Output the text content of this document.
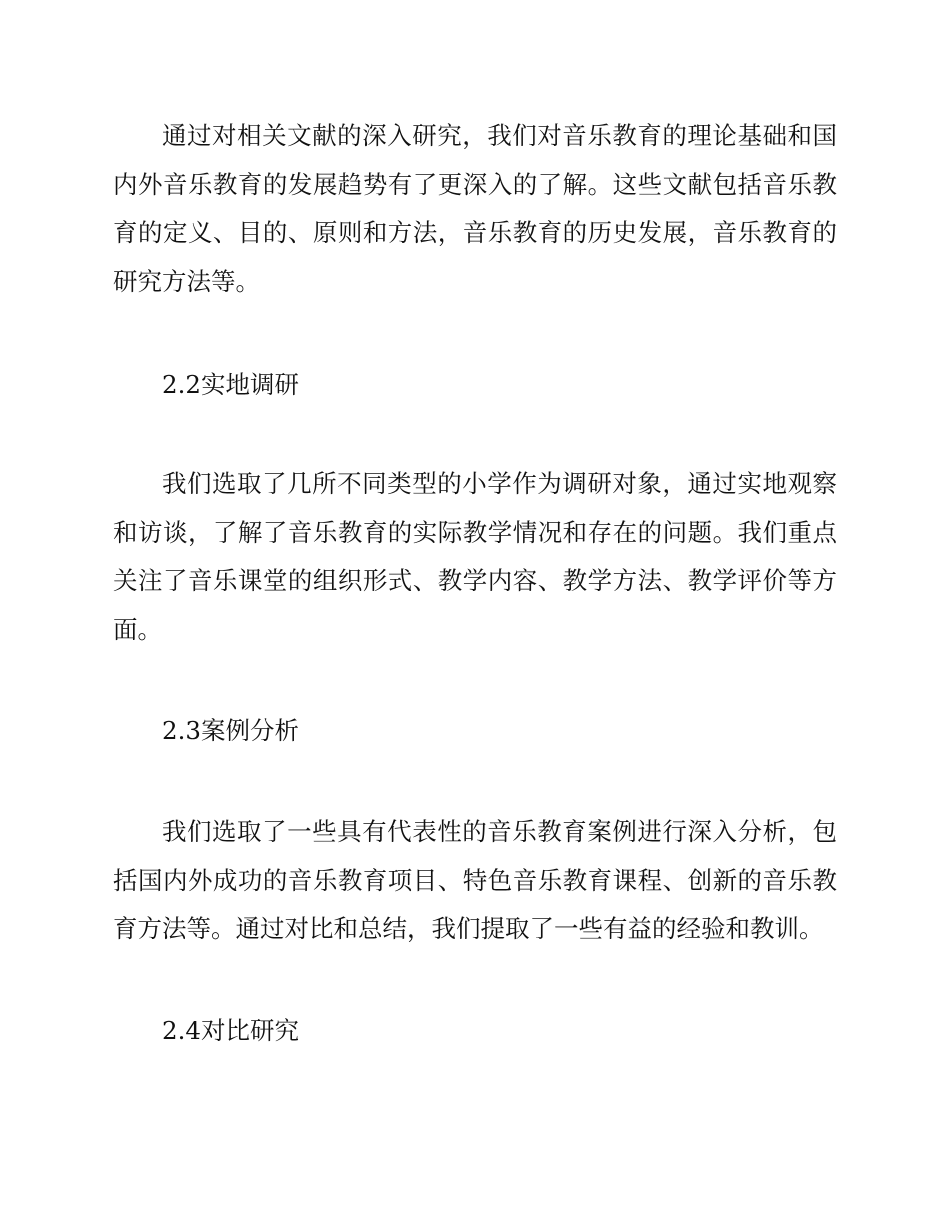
通过对相关文献的深入研究，我们对音乐教育的理论基础和国内外音乐教育的发展趋势有了更深入的了解。这些文献包括音乐教育的定义、目的、原则和方法，音乐教育的历史发展，音乐教育的研究方法等。

2.2实地调研

我们选取了几所不同类型的小学作为调研对象，通过实地观察和访谈，了解了音乐教育的实际教学情况和存在的问题。我们重点关注了音乐课堂的组织形式、教学内容、教学方法、教学评价等方面。

2.3案例分析

我们选取了一些具有代表性的音乐教育案例进行深入分析，包括国内外成功的音乐教育项目、特色音乐教育课程、创新的音乐教育方法等。通过对比和总结，我们提取了一些有益的经验和教训。

2.4对比研究
